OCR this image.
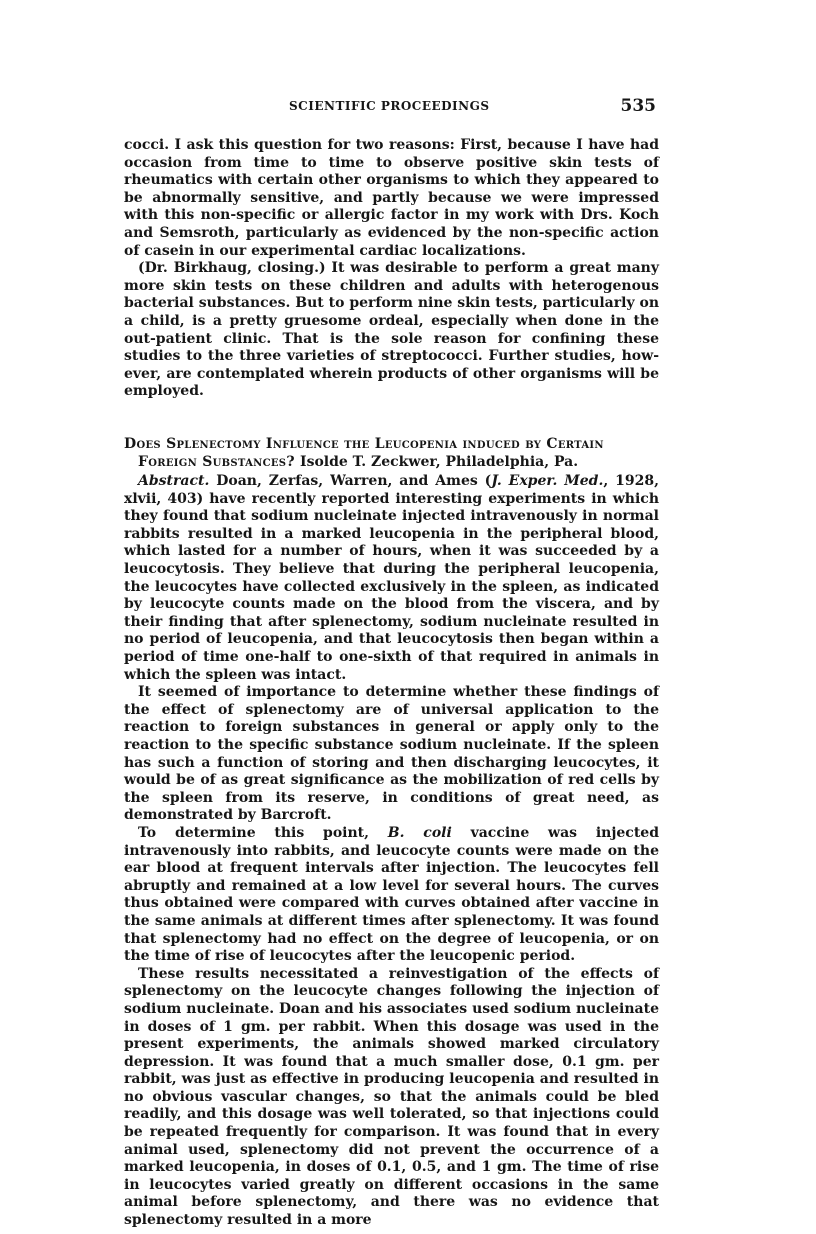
SCIENTIFIC PROCEEDINGS	535

cocci. I ask this question for two reasons: First, because I have had occasion from time to time to observe positive skin tests of rheumatics with certain other organisms to which they appeared to be abnormally sensitive, and partly because we were impressed with this non-specific or allergic factor in my work with Drs. Koch and Semsroth, particularly as evidenced by the non-specific action of casein in our experimental cardiac localizations.

(Dr. Birkhaug, closing.) It was desirable to perform a great many more skin tests on these children and adults with heterogenous bacterial substances. But to perform nine skin tests, particularly on a child, is a pretty gruesome ordeal, especially when done in the out-patient clinic. That is the sole reason for confining these studies to the three varieties of streptococci. Further studies, however, are contemplated wherein products of other organisms will be employed.

Does Splenectomy Influence the Leucopenia induced by Certain
Foreign Substances? Isolde T. Zeckwer, Philadelphia, Pa.

Abstract. Doan, Zerfas, Warren, and Ames (J. Exper. Med., 1928, xlvii, 403) have recently reported interesting experiments in which they found that sodium nucleinate injected intravenously in normal rabbits resulted in a marked leucopenia in the peripheral blood, which lasted for a number of hours, when it was succeeded by a leucocytosis. They believe that during the peripheral leucopenia, the leucocytes have collected exclusively in the spleen, as indicated by leucocyte counts made on the blood from the viscera, and by their finding that after splenectomy, sodium nucleinate resulted in no period of leucopenia, and that leucocytosis then began within a period of time one-half to one-sixth of that required in animals in which the spleen was intact.

It seemed of importance to determine whether these findings of the effect of splenectomy are of universal application to the reaction to foreign substances in general or apply only to the reaction to the specific substance sodium nucleinate. If the spleen has such a function of storing and then discharging leucocytes, it would be of as great significance as the mobilization of red cells by the spleen from its reserve, in conditions of great need, as demonstrated by Barcroft.

To determine this point, B. coli vaccine was injected intravenously into rabbits, and leucocyte counts were made on the ear blood at frequent intervals after injection. The leucocytes fell abruptly and remained at a low level for several hours. The curves thus obtained were compared with curves obtained after vaccine in the same animals at different times after splenectomy. It was found that splenectomy had no effect on the degree of leucopenia, or on the time of rise of leucocytes after the leucopenic period.

These results necessitated a reinvestigation of the effects of splenectomy on the leucocyte changes following the injection of sodium nucleinate. Doan and his associates used sodium nucleinate in doses of 1 gm. per rabbit. When this dosage was used in the present experiments, the animals showed marked circulatory depression. It was found that a much smaller dose, 0.1 gm. per rabbit, was just as effective in producing leucopenia and resulted in no obvious vascular changes, so that the animals could be bled readily, and this dosage was well tolerated, so that injections could be repeated frequently for comparison. It was found that in every animal used, splenectomy did not prevent the occurrence of a marked leucopenia, in doses of 0.1, 0.5, and 1 gm. The time of rise in leucocytes varied greatly on different occasions in the same animal before splenectomy, and there was no evidence that splenectomy resulted in a more
